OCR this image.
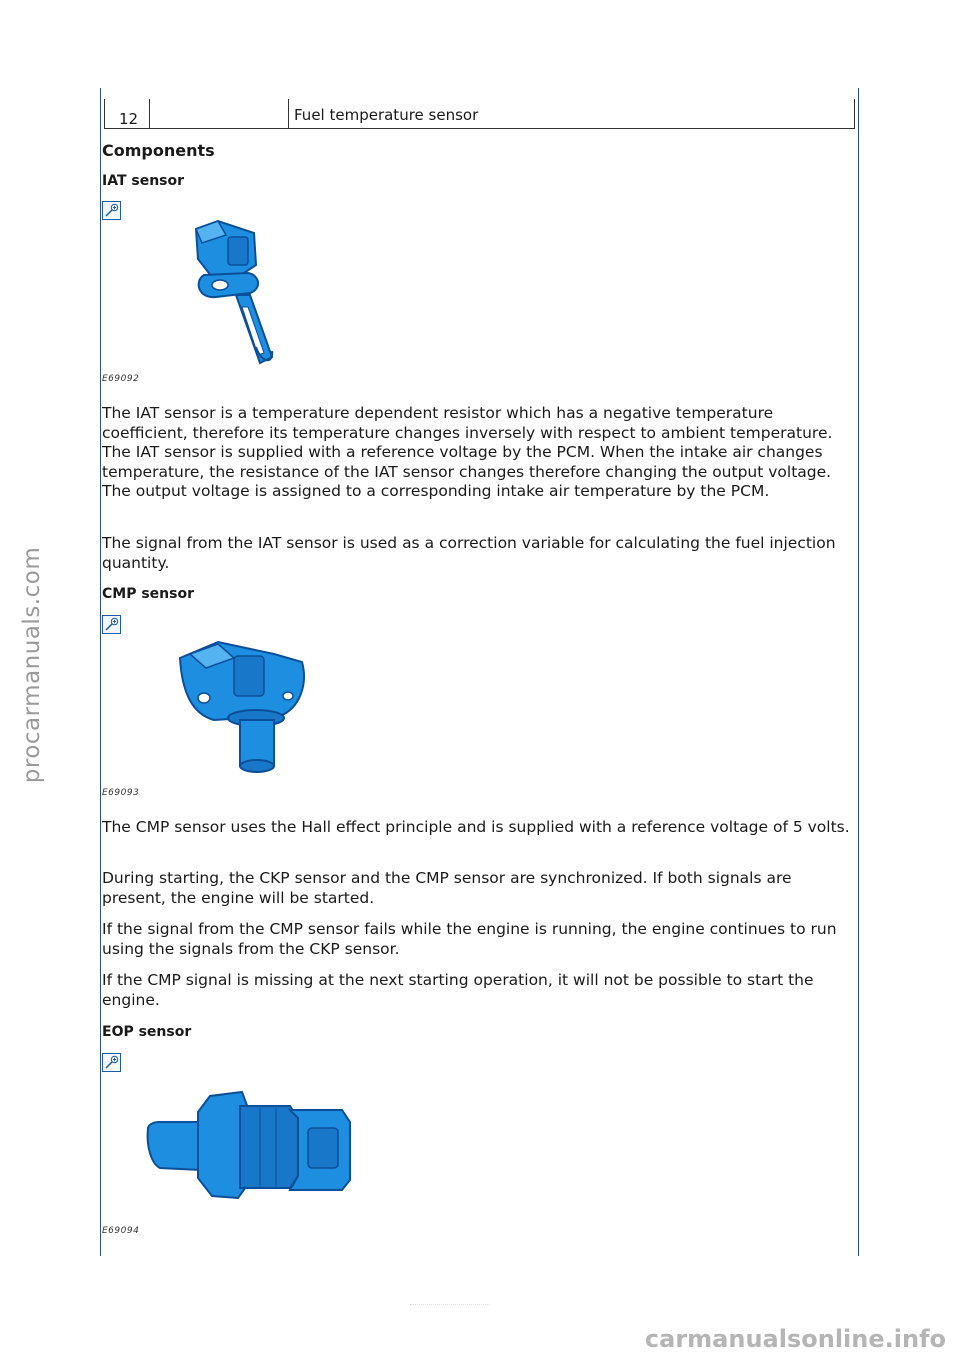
12	Fuel temperature sensor
Components
IAT sensor
E69092

The IAT sensor is a temperature dependent resistor which has a negative temperature coefficient, therefore its temperature changes inversely with respect to ambient temperature. The IAT sensor is supplied with a reference voltage by the PCM. When the intake air changes temperature, the resistance of the IAT sensor changes therefore changing the output voltage. The output voltage is assigned to a corresponding intake air temperature by the PCM.

The signal from the IAT sensor is used as a correction variable for calculating the fuel injection quantity.

CMP sensor
E69093

The CMP sensor uses the Hall effect principle and is supplied with a reference voltage of 5 volts.

During starting, the CKP sensor and the CMP sensor are synchronized. If both signals are present, the engine will be started.

If the signal from the CMP sensor fails while the engine is running, the engine continues to run using the signals from the CKP sensor.

If the CMP signal is missing at the next starting operation, it will not be possible to start the engine.

EOP sensor
E69094
procarmanuals.com
carmanualsonline.info
